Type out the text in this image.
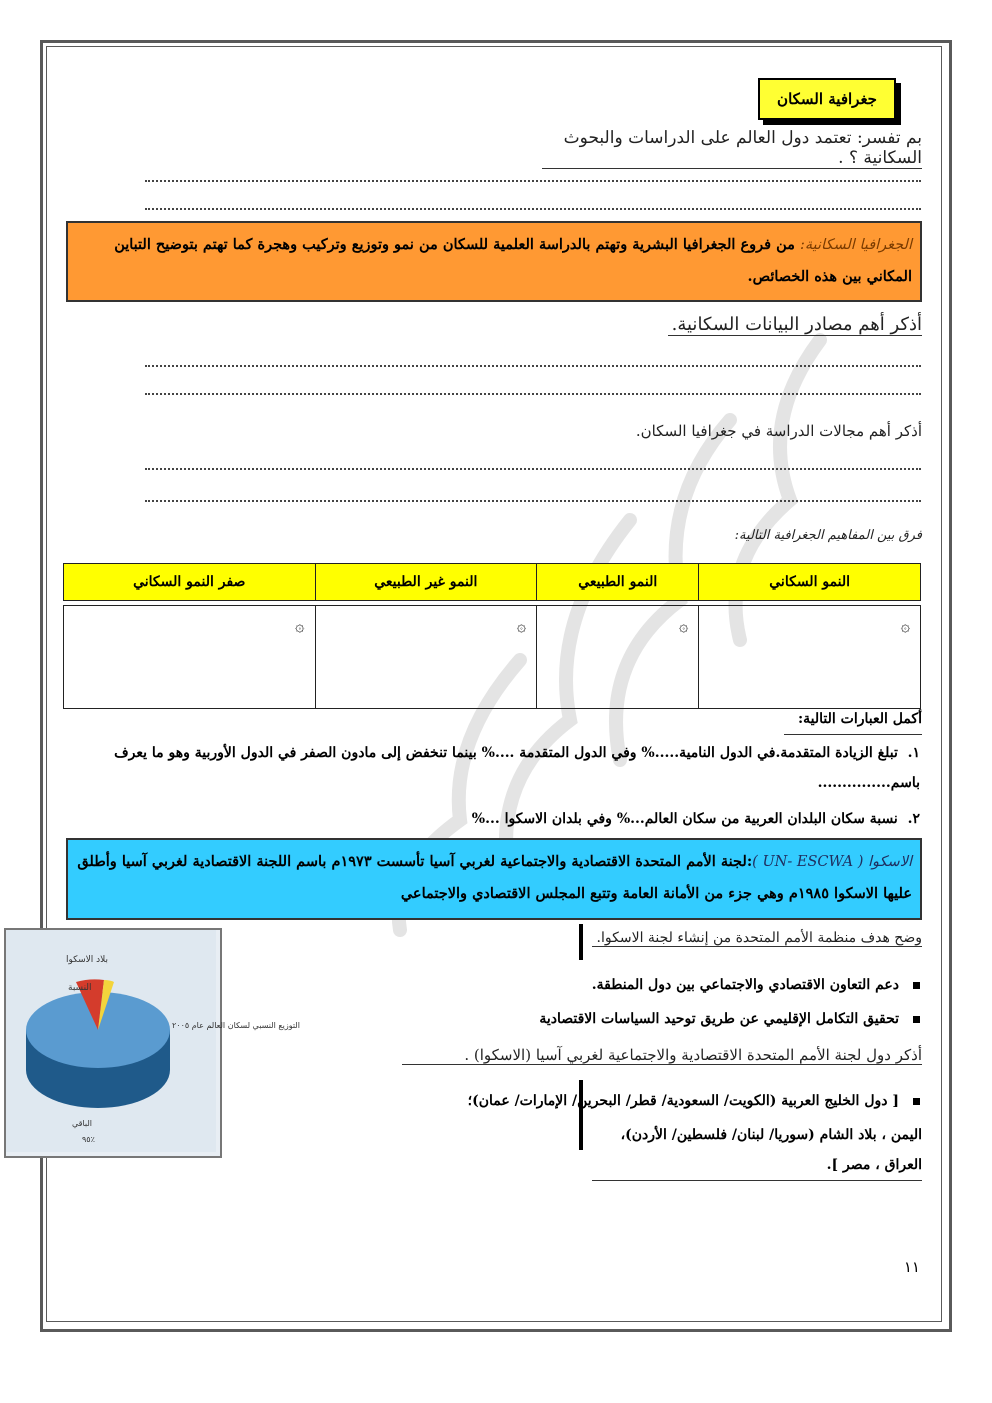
جغرافية السكان
بم تفسر: تعتمد دول العالم على الدراسات والبحوث السكانية ؟ .
الجغرافيا السكانية: من فروع الجغرافيا البشرية وتهتم بالدراسة العلمية للسكان من نمو وتوزيع وتركيب وهجرة كما تهتم بتوضيح التباين المكاني بين هذه الخصائص.
أذكر أهم مصادر البيانات السكانية.
أذكر أهم مجالات الدراسة في جغرافيا السكان.
فرق بين المفاهيم الجغرافية التالية:
النمو السكاني	النمو الطبيعي	النمو غير الطبيعي	صفر النمو السكاني

۞	۞	۞	۞
أكمل العبارات التالية:
١.  تبلغ الزيادة المتقدمة.في الدول النامية.....% وفي الدول المتقدمة ....% بينما تنخفض إلى مادون الصفر في الدول الأوربية وهو ما يعرف باسم...............
٢.  نسبة سكان البلدان العربية من سكان العالم...% وفي بلدان الاسكوا ...%
الاسكوا ( UN- ESCWA ):لجنة الأمم المتحدة الاقتصادية والاجتماعية لغربي آسيا تأسست ١٩٧٣م باسم اللجنة الاقتصادية لغربي آسيا وأطلق عليها الاسكوا ١٩٨٥م وهي جزء من الأمانة العامة وتتبع المجلس الاقتصادي والاجتماعي
وضح هدف منظمة الأمم المتحدة من إنشاء لجنة الاسكوا.
دعم التعاون الاقتصادي والاجتماعي بين دول المنطقة.
تحقيق التكامل الإقليمي عن طريق توحيد السياسات الاقتصادية
أذكر دول لجنة الأمم المتحدة الاقتصادية والاجتماعية لغربي آسيا (الاسكوا) .
[ دول الخليج العربية (الكويت/ السعودية/ قطر/ البحرين/ الإمارات/ عمان)؛
اليمن ، بلاد الشام (سوريا/ لبنان/ فلسطين/ الأردن)، العراق ، مصر ].
بلاد الاسكوا
النسبة
التوزيع النسبي لسكان العالم عام ٢٠٠٥
الباقي
٩٥٪
١١
